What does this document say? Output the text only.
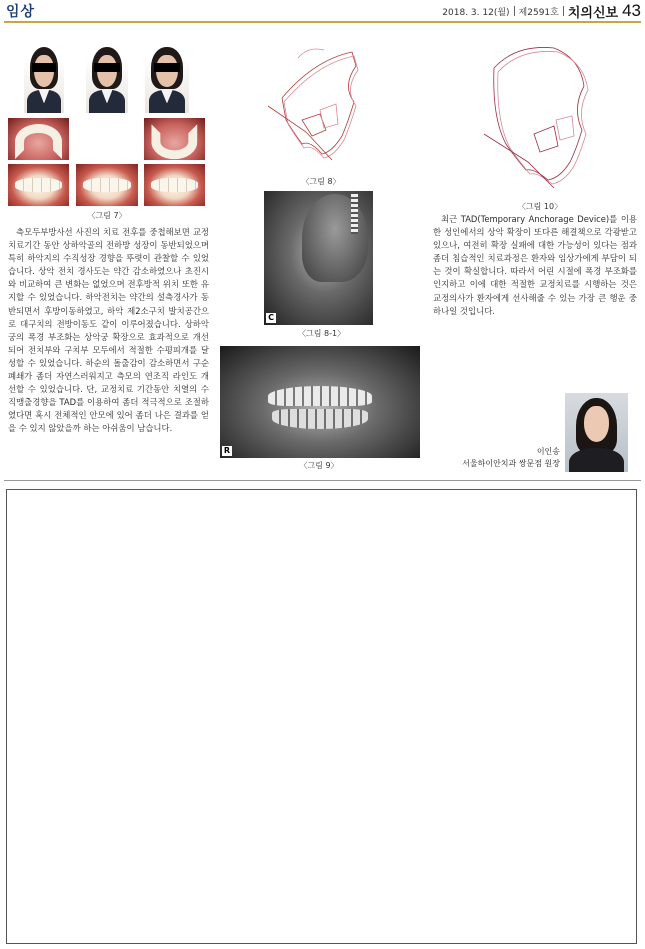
임상	2018. 3. 12(월) 제2591호 치의신보 43
〈그림 7〉

측모두부방사선 사진의 치료 전후를 중첩해보면 교정 치료기간 동안 상하악골의 전하방 성장이 동반되었으며 특히 하악지의 수직성장 경향을 뚜렷이 관찰할 수 있었습니다. 상악 전치 경사도는 약간 감소하였으나 초진시와 비교하여 큰 변화는 없었으며 전후방적 위치 또한 유지할 수 있었습니다. 하악전치는 약간의 설측경사가 동반되면서 후방이동하였고, 하악 제2소구치 발치공간으로 대구치의 전방이동도 같이 이루어졌습니다. 상하악궁의 폭경 부조화는 상악궁 확장으로 효과적으로 개선되어 전치부와 구치부 모두에서 적절한 수평피개를 달성할 수 있었습니다. 하순의 돌출감이 감소하면서 구순 폐쇄가 좀더 자연스러워지고 측모의 연조직 라인도 개선할 수 있었습니다. 단, 교정치료 기간동안 치열의 수직맹출경향을 TAD를 이용하여 좀더 적극적으로 조절하였다면 혹시 전체적인 안모에 있어 좀더 나은 결과를 얻을 수 있지 않았을까 하는 아쉬움이 남습니다.

〈그림 8〉
C
〈그림 8-1〉
R
〈그림 9〉
〈그림 10〉

최근 TAD(Temporary Anchorage Device)를 이용한 성인에서의 상악 확장이 또다른 해결책으로 각광받고 있으나, 여전히 확장 실패에 대한 가능성이 있다는 점과 좀더 침습적인 치료과정은 환자와 임상가에게 부담이 되는 것이 확실합니다. 따라서 어린 시절에 폭경 부조화를 인지하고 이에 대한 적절한 교정치료를 시행하는 것은 교정의사가 환자에게 선사해줄 수 있는 가장 큰 행운 중 하나일 것입니다.

이인송
서울하이안치과 쌍문점 원장
